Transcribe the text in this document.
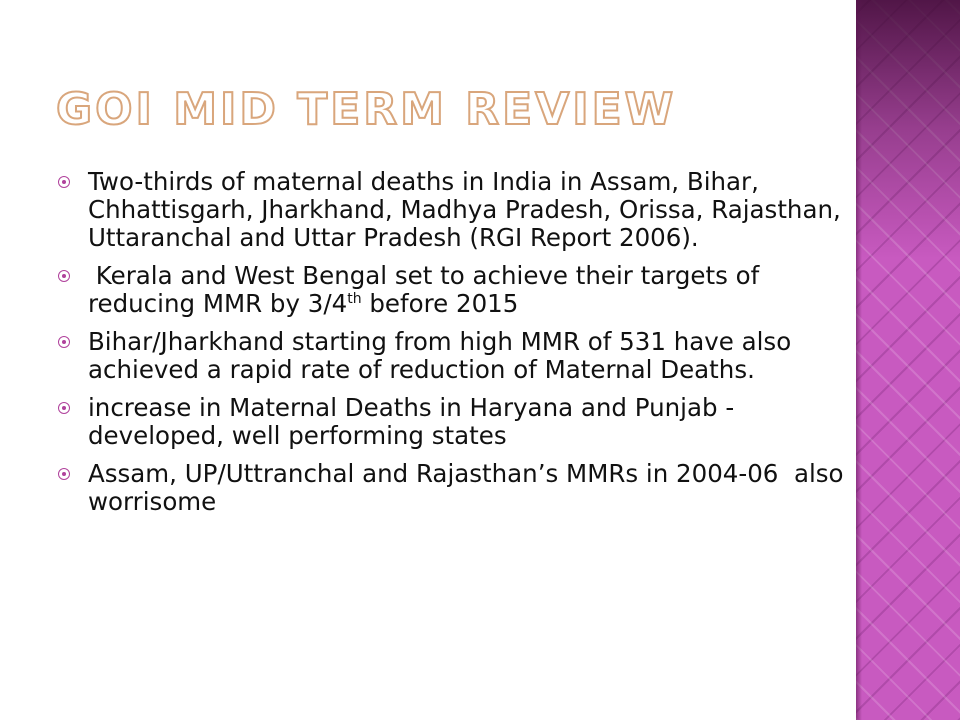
GOI MID TERM REVIEW
Two-thirds of maternal deaths in India in Assam, Bihar, Chhattisgarh, Jharkhand, Madhya Pradesh, Orissa, Rajasthan, Uttaranchal and Uttar Pradesh (RGI Report 2006).
Kerala and West Bengal set to achieve their targets of reducing MMR by 3/4th before 2015
Bihar/Jharkhand starting from high MMR of 531 have also achieved a rapid rate of reduction of Maternal Deaths.
increase in Maternal Deaths in Haryana and Punjab -developed, well performing states
Assam, UP/Uttranchal and Rajasthan’s MMRs in 2004-06  also worrisome
